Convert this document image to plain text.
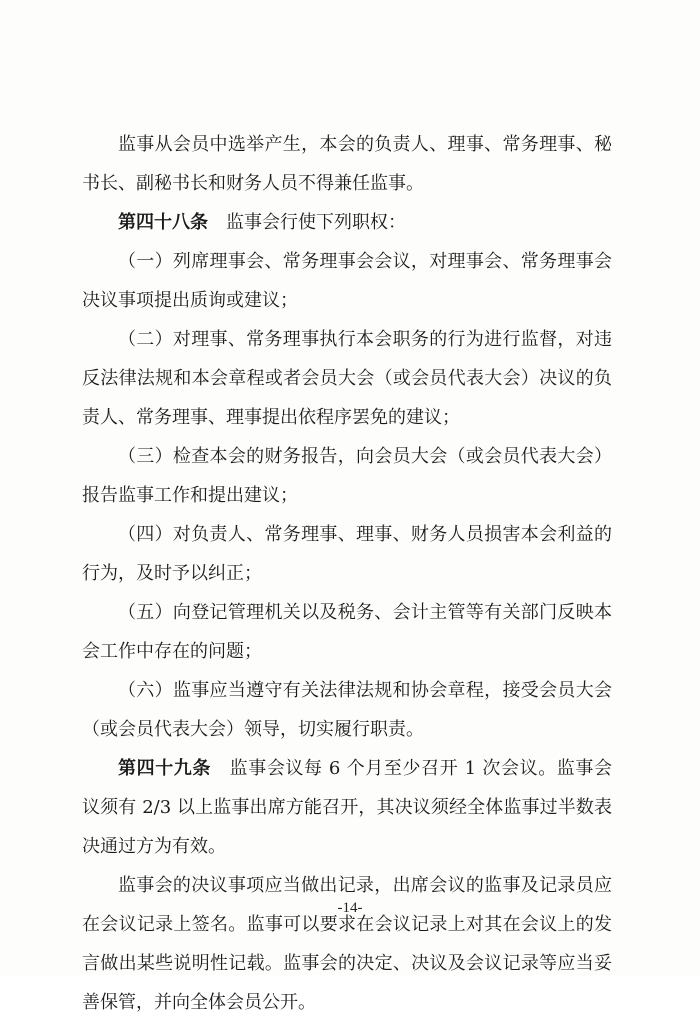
监事从会员中选举产生，本会的负责人、理事、常务理事、秘书长、副秘书长和财务人员不得兼任监事。

第四十八条　监事会行使下列职权：

（一）列席理事会、常务理事会会议，对理事会、常务理事会决议事项提出质询或建议；

（二）对理事、常务理事执行本会职务的行为进行监督，对违反法律法规和本会章程或者会员大会（或会员代表大会）决议的负责人、常务理事、理事提出依程序罢免的建议；

（三）检查本会的财务报告，向会员大会（或会员代表大会）报告监事工作和提出建议；

（四）对负责人、常务理事、理事、财务人员损害本会利益的行为，及时予以纠正；

（五）向登记管理机关以及税务、会计主管等有关部门反映本会工作中存在的问题；

（六）监事应当遵守有关法律法规和协会章程，接受会员大会（或会员代表大会）领导，切实履行职责。

第四十九条　监事会议每 6 个月至少召开 1 次会议。监事会议须有 2/3 以上监事出席方能召开，其决议须经全体监事过半数表决通过方为有效。

监事会的决议事项应当做出记录，出席会议的监事及记录员应在会议记录上签名。监事可以要求在会议记录上对其在会议上的发言做出某些说明性记载。监事会的决定、决议及会议记录等应当妥善保管，并向全体会员公开。

-14-
